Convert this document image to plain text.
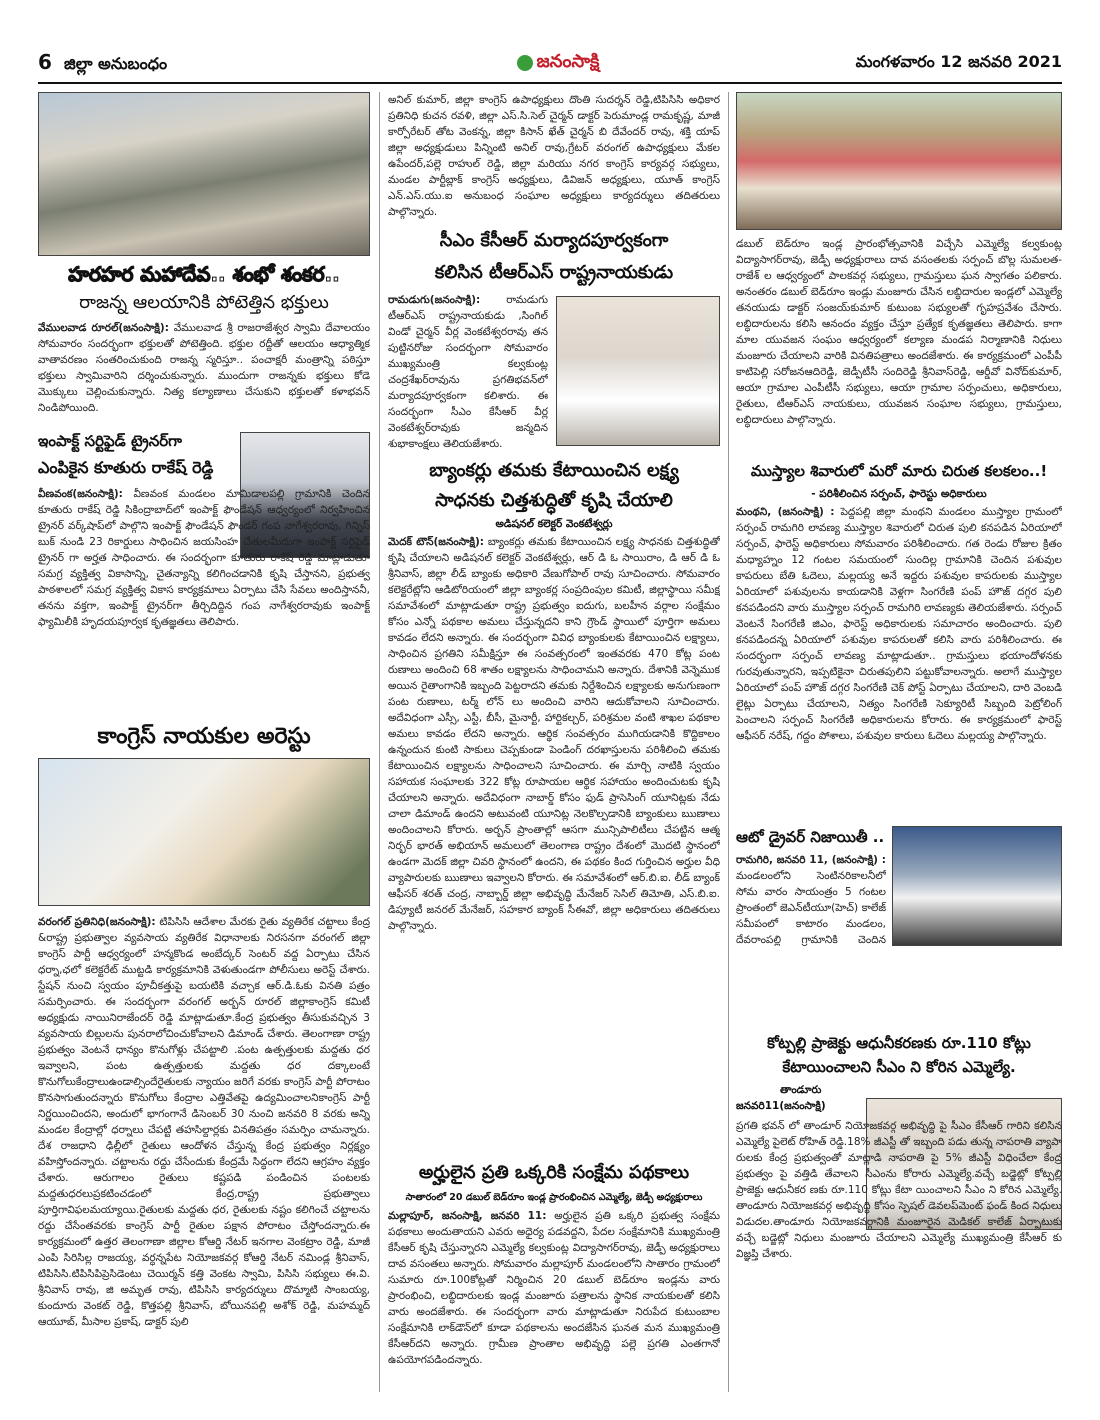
6 జిల్లా అనుబంధం	జనంసాక్షి	మంగళవారం 12 జనవరి 2021
హరహర మహాదేవ.. శంభో శంకర..
రాజన్న ఆలయానికి పోటెత్తిన భక్తులు
వేములవాడ రూరల్(జనంసాక్షి): వేములవాడ శ్రీ రాజరాజేశ్వర స్వామి దేవాలయం సోమవారం సందర్భంగా భక్తులతో పోటెత్తింది. భక్తుల రద్దీతో ఆలయం ఆధ్యాత్మిక వాతావరణం సంతరించుకుంది రాజన్న స్మరిస్తూ.. పంచాక్షరీ మంత్రాన్ని పఠిస్తూ భక్తులు స్వామివారిని దర్శించుకున్నారు. ముందుగా రాజన్నకు భక్తులు కోడె మొక్కులు చెల్లించుకున్నారు. నిత్య కల్యాణాలు చేసుకుని భక్తులతో కళాభవన్ నిండిపోయింది.
ఇంపాక్ట్ సర్టిఫైడ్ ట్రైనర్‌గా
ఎంపికైన కూతురు రాకేష్ రెడ్డి
వీణవంక(జనంసాక్షి): వీణవంక మండలం మామిడాలపల్లి గ్రామానికి చెందిన కూతురు రాకేష్ రెడ్డి సికింద్రాబాద్‌లో ఇంపాక్ట్ ఫౌండేషన్ ఆధ్వర్యంలో నిర్వహించిన ట్రైనర్ వర్క్‌షాప్‌లో పాల్గొని ఇంపాక్ట్ ఫౌండేషన్ ఫౌండర్ గంప నాగేశ్వరరావు, గిన్నిస్ బుక్ నుండి 23 రికార్డులు సాధించిన జయసింహ చేతులమీదుగా ఇంపాక్ట్ సర్టిఫైడ్ ట్రైనర్ గా అర్హత సాధించారు. ఈ సందర్భంగా కూతురు రాకేష్ రెడ్డి మాట్లాడుతూ సమగ్ర వ్యక్తిత్వ వికాసాన్ని, చైతన్యాన్ని కలిగించడానికి కృషి చేస్తానని, ప్రభుత్వ పాఠశాలలో సమగ్ర వ్యక్తిత్వ వికాస కార్యక్రమాలు ఏర్పాటు చేసి సేవలు అందిస్తాననీ, తనను వక్తగా, ఇంపాక్ట్ ట్రైనర్‌గా తీర్చిదిద్దిన గంప నాగేశ్వరరావుకు ఇంపాక్ట్ ఫ్యామిలీకి హృదయపూర్వక కృతజ్ఞతలు తెలిపారు.
కాంగ్రెస్ నాయకుల అరెస్టు
వరంగల్ ప్రతినిధి(జనంసాక్షి): టిపిసిసి ఆదేశాల మేరకు రైతు వ్యతిరేక చట్టాలు కేంద్ర &రాష్ట్ర ప్రభుత్వాల వ్యవసాయ వ్యతిరేక విధానాలకు నిరసనగా వరంగల్ జిల్లా కాంగ్రెస్ పార్టీ ఆధ్వర్యంలో హన్మకొండ అంబేద్కర్ సెంటర్ వద్ద ఏర్పాటు చేసిన ధర్నా,ఛలో కలెక్టరేట్ ముట్టడి కార్యక్రమానికి వెళుతుండగా పోలీసులు అరెస్ట్ చేశారు. స్టేషన్ నుంచి స్వయం పూచీకత్తుపై బయటికి వచ్చాక ఆర్.డి.ఓకు వినతి పత్రం సమర్పించారు. ఈ సందర్భంగా వరంగల్ అర్బన్ రూరల్ జిల్లాకాంగ్రెస్ కమిటీ అధ్యక్షుడు నాయినిరాజేందర్ రెడ్డి మాట్లాడుతూ.కేంద్ర ప్రభుత్వం తీసుకువచ్చిన 3 వ్యవసాయ బిల్లులను పునరాలోచించుకోవాలని డిమాండ్ చేశారు. తెలంగాణా రాష్ట్ర ప్రభుత్వం వెంటనే ధాన్యం కొనుగోళ్లు చేపట్టాలి .పంట ఉత్పత్తులకు మద్దతు ధర ఇవ్వాలని, పంట ఉత్పత్తులకు మద్దతు ధర దక్కాలంటే కొనుగోలుకేంద్రాలుఉండాల్సిందేరైతులకు న్యాయం జరిగే వరకు కాంగ్రెస్ పార్టీ పోరాటం కొనసాగుతుందన్నారు కొనుగోలు కేంద్రాల ఎత్తివేతపై ఉద్యమించాలనికాంగ్రెస్ పార్టీ నిర్ణయించిందని, అందులో భాగంగానే డిసెంబర్ 30 నుంచి జనవరి 8 వరకు అన్ని మండల కేంద్రాల్లో ధర్నాలు చేపట్టి తహసిల్దార్లకు వినతిపత్రం సమర్పిం చామన్నారు. దేశ రాజధాని ఢిల్లీలో రైతులు ఆందోళన చేస్తున్న కేంద్ర ప్రభుత్వం నిర్లక్ష్యం వహిస్తోందన్నారు. చట్టాలను రద్దు చేసేందుకు కేంద్రమే సిద్ధంగా లేదని ఆగ్రహం వ్యక్తం చేశారు. ఆరుగాలం రైతులు కష్టపడి పండించిన పంటలకు మద్దతుధరలుప్రకటించడంలో కేంద్ర,రాష్ట్ర ప్రభుత్వాలు పూర్తిగావిఫలమయ్యాయి.రైతులకు మద్దతు ధర, రైతులకు నష్టం కలిగించే చట్టాలను రద్దు చేసేంతవరకు కాంగ్రెస్ పార్టీ రైతుల పక్షాన పోరాటం చేస్తోందన్నారు.ఈ కార్యక్రమంలో ఉత్తర తెలంగాణా జిల్లాల కోఆర్డి నేటర్ ఇనగాల వెంకట్రాం రెడ్డి, మాజీ ఎంపి సిరిసిల్ల రాజయ్య, వర్ధన్నపేట నియోజకవర్గ కోఆర్డి నేటర్ నమిండ్ల శ్రీనివాస్, టిపిసిసి.టిపిసిపిప్రెసిడెంటు చెయిర్మన్ కత్తి వెంకట స్వామి, పిసిసి సభ్యులు ఈ.వి. శ్రీనివాస్ రావు, జి అమృత రావు, టిపిసిసి కార్యదర్శులు దొమ్మాటి సాంబయ్య, కుందూరు వెంకట్ రెడ్డి, కొత్తపల్లి శ్రీనివాస్, బోయినపల్లి అశోక్ రెడ్డి, మహమ్మద్ ఆయూబ్, మీసాల ప్రకాష్, డాక్టర్ పులి
అనిల్ కుమార్, జిల్లా కాంగ్రెస్ ఉపాధ్యక్షులు దొంతి సుదర్శన్ రెడ్డి,టిపిసిసి అధికార ప్రతినిధి కుచన రవళి, జిల్లా ఎస్.సి.సెల్ చైర్మన్ డాక్టర్ పెరుమాండ్ల రామకృష్ణ, మాజీ కార్పోరేటర్ తోట వెంకన్న, జిల్లా కిసాన్ ఖేత్ చైర్మన్ బి దేవేందర్ రావు, శక్తి యాప్ జిల్లా అధ్యక్షుడులు పిన్నింటి అనిల్ రావు,గ్రేటర్ వరంగల్ ఉపాధ్యక్షులు మేకల ఉపేందర్,పల్లె రాహుల్ రెడ్డి, జిల్లా మరియు నగర కాంగ్రెస్ కార్యవర్గ సభ్యులు, మండల పార్టీబ్లాక్ కాంగ్రెస్ అధ్యక్షులు, డివిజన్ అధ్యక్షులు, యూత్ కాంగ్రెస్ ఎన్.ఎస్.యు.ఐ అనుబంధ సంఘాల అధ్యక్షులు కార్యదర్శులు తదితరులు పాల్గొన్నారు.
సీఎం కేసీఆర్ మర్యాదపూర్వకంగా
కలిసిన టీఆర్ఎస్ రాష్ట్రనాయకుడు
రామడుగు(జనంసాక్షి): రామడుగు టీఆర్ఎస్ రాష్ట్రనాయకుడు ,సింగిల్ విండో చైర్మన్ వీర్ల వెంకటేశ్వరరావు తన పుట్టినరోజు సందర్భంగా సోమవారం ముఖ్యమంత్రి కల్వకుంట్ల చంద్రశేఖర్‌రావును ప్రగతిభవన్‌లో మర్యాదపూర్వకంగా కలిశారు. ఈ సందర్భంగా సీఎం కేసీఆర్ వీర్ల వెంకటేశ్వర్‌రావుకు జన్మదిన శుభాకాంక్షలు తెలియజేశారు.
బ్యాంకర్లు తమకు కేటాయించిన లక్ష్య
సాధనకు చిత్తశుద్ధితో కృషి చేయాలి
అడిషనల్ కలెక్టర్ వెంకటేశ్వర్లు
మెదక్ టౌన్(జనంసాక్షి): బ్యాంకర్లు తమకు కేటాయించిన లక్ష్య సాధనకు చిత్తశుద్ధితో కృషి చేయాలని అడిషనల్ కలెక్టర్ వెంకటేశ్వర్లు, ఆర్ డి ఓ సాయిరాం, డి ఆర్ డి ఓ శ్రీనివాస్, జిల్లా లీడ్ బ్యాంకు అధికారి వేణుగోపాల్ రావు సూచించారు. సోమవారం కలెక్టరేట్లోని ఆడిటోరియంలో జిల్లా బ్యాంకర్ల సంప్రదింపుల కమిటీ, జిల్లాస్థాయి సమీక్ష సమావేశంలో మాట్లాడుతూ రాష్ట్ర ప్రభుత్వం ఐదుగు, బలహీన వర్గాల సంక్షేమం కోసం ఎన్నో పథకాల అమలు చేస్తున్నదని కాని గ్రౌండ్ స్థాయిలో పూర్తిగా అమలు కావడం లేదని అన్నారు. ఈ సందర్భంగా వివిధ బ్యాంకులకు కేటాయించిన లక్ష్యాలు, సాధించిన ప్రగతిని సమీక్షిస్తూ ఈ సంవత్సరంలో ఇంతవరకు 470 కోట్ల పంట రుణాలు అందించి 68 శాతం లక్ష్యాలను సాధించామని అన్నారు. దేశానికి వెన్నెముక అయిన రైతాంగానికి ఇబ్బంది పెట్టరాదని తమకు నిర్దేశించిన లక్ష్యాలకు అనుగుణంగా పంట రుణాలు, టర్మ్ లోన్ లు అందించి వారిని ఆదుకోవాలని సూచించారు. అదేవిధంగా ఎస్సీ, ఎస్టీ, బీసీ, మైనార్టీ, హార్టికల్చర్, పరిశ్రమల వంటి శాఖల పథకాల అమలు కావడం లేదని అన్నారు. ఆర్థిక సంవత్సరం ముగియడానికి కొద్దికాలం ఉన్నందున కుంటి సాకులు చెప్పకుండా పెండింగ్ దరఖాస్తులను పరిశీలించి తమకు కేటాయించిన లక్ష్యాలను సాధించాలని సూచించారు. ఈ మార్చి నాటికి స్వయం సహాయక సంఘాలకు 322 కోట్ల రూపాయల ఆర్థిక సహాయం అందించుటకు కృషి చేయాలని అన్నారు. అదేవిధంగా నాబార్డ్ కోసం ఫుడ్ ప్రాసెసింగ్ యూనిట్లకు నేడు చాలా డిమాండ్ ఉందని అటువంటి యూనిట్ల నెలకొల్పడానికి బ్యాంకులు ఋణాలు అందించాలని కోరారు. అర్బన్ ప్రాంతాల్లో ఆసగా మున్సిపాలిటీలు చేపట్టిన ఆత్మ నిర్భర్ భారత్ అభియాన్ అమలులో తెలంగాణ రాష్ట్రం దేశంలో మొదటి స్థానంలో ఉండగా మెదక్ జిల్లా చివరి స్థానంలో ఉందని, ఈ పథకం కింద గుర్తించిన అర్హుల వీధి వ్యాపారులకు ఋణాలు ఇవ్వాలని కోరారు. ఈ సమావేశంలో ఆర్.బి.ఐ. లీడ్ బ్యాంక్ ఆఫీసర్ శరత్ చంద్ర, నాబ్బార్డ్ జిల్లా అభివృద్ధి మేనేజర్ సెసిల్ తిమోతి, ఎస్.బి.ఐ. డిప్యూటీ జనరల్ మేనేజర్, సహకార బ్యాంక్ సీఈవో, జిల్లా అధికారులు తదితరులు పాల్గొన్నారు.
అర్హులైన ప్రతి ఒక్కరికి సంక్షేమ పథకాలు
సాతారంలో 20 డబుల్ బెడ్‌రూం ఇండ్ల ప్రారంభించిన ఎమ్మెల్యే, జెడ్పీ అధ్యక్షురాలు
మల్లాపూర్, జనంసాక్షి, జనవరి 11: అర్హులైన ప్రతి ఒక్కరి ప్రభుత్వ సంక్షేమ పథకాలు అందుతాయని ఎవరు అధైర్య పడవద్దని, పేదల సంక్షేమానికి ముఖ్యమంత్రి కేసీఆర్ కృషి చేస్తున్నారని ఎమ్మెల్యే కల్వకుంట్ల విద్యాసాగర్‌రావు, జెడ్పీ అధ్యక్షురాలు దావ వసంతలు అన్నారు. సోమవారం మల్లాపూర్ మండలంలోని సాతారం గ్రామంలో సుమారు రూ.100కోట్లతో నిర్మించిన 20 డబుల్ బెడ్‌రూం ఇండ్లను వారు ప్రారంభించి, లబ్ధిదారులకు ఇండ్ల మంజూరు పత్రాలను స్థానిక నాయకులతో కలిసి వారు అందజేశారు. ఈ సందర్భంగా వారు మాట్లాడుతూ నిరుపేద కుటుంబాల సంక్షేమానికి లాక్‌డౌన్‌లో కూడా పథకాలను అందజేసిన ఘనత మన ముఖ్యమంత్రి కేసీఆర్‌దని అన్నారు. గ్రామీణ ప్రాంతాల అభివృద్ధి పల్లె ప్రగతి ఎంతగానో ఉపయోగపడిందన్నారు.
డబుల్ బెడ్‌రూం ఇండ్ల ప్రారంభోత్సవానికి విచ్చేసి ఎమ్మెల్యే కల్వకుంట్ల విద్యాసాగర్‌రావు, జెడ్పీ అధ్యక్షురాలు దావ వసంతలకు సర్పంచ్ బొల్ల సుమలత-రాజేశ్ ల ఆధ్వర్యంలో పాలకవర్గ సభ్యులు, గ్రామస్తులు ఘన స్వాగతం పలికారు. అనంతరం డబుల్ బెడ్‌రూం ఇండ్లు మంజూరు చేసిన లబ్ధిదారుల ఇండ్లలో ఎమ్మెల్యే తనయుడు డాక్టర్ సంజయ్‌కుమార్ కుటుంబ సభ్యులతో గృహప్రవేశం చేసారు. లబ్ధిదారులను కలిసి ఆనందం వ్యక్తం చేస్తూ ప్రత్యేక కృతజ్ఞతలు తెలిపారు. కాగా మాల యువజన సంఘం ఆధ్వర్యంలో కల్యాణ మండప నిర్మాణానికి నిధులు మంజూరు చేయాలని వారికి వినతిపత్రాలు అందజేశారు. ఈ కార్యక్రమంలో ఎంపీపీ కాటిపెల్లి సరోజనఆదిరెడ్డి, జెడ్పీటీసీ సందిరెడ్డి శ్రీనివాస్‌రెడ్డి, ఆర్డీవో వినోద్‌కుమార్, ఆయా గ్రామాల ఎంపీటీసీ సభ్యులు, ఆయా గ్రామాల సర్పంచులు, అధికారులు, రైతులు, టీఆర్ఎస్ నాయకులు, యువజన సంఘాల సభ్యులు, గ్రామస్తులు, లబ్ధిదారులు పాల్గొన్నారు.
ముస్త్యాల శివారులో మరో మారు చిరుత కలకలం..!
- పరిశీలించిన సర్పంచ్, ఫారెస్టు అధికారులు
మంథని, (జనంసాక్షి) : పెద్దపల్లి జిల్లా మంథని మండలం ముస్త్యాల గ్రామంలో సర్పంచ్ రామగిరి లావణ్య ముస్త్యాల శివారులో చిరుత పులి కనపడిన ఏరియాలో సర్పంచ్, ఫారెస్ట్ అధికారులు సోమవారం పరిశీలించారు. గత రెండు రోజుల క్రితం మధ్యాహ్నం 12 గంటల సమయంలో సుందిల్ల గ్రామానికి చెందిన పశువుల కాపరులు బేతి ఓదెలు, మల్లయ్య అనే ఇద్దరు పశువుల కాపరులకు ముస్త్యాల ఏరియాలో పశువులను కాయడానికి వెళ్లగా సింగరేణి పంప్ హౌజ్ దగ్గర పులి కనపడిందని వారు ముస్త్యాల సర్పంచ్ రామగిరి లావణ్యకు తెలియజేశారు. సర్పంచ్ వెంటనే సింగరేణి జిఎం, ఫారెస్ట్ అధికారులకు సమాచారం అందించారు. పులి కనపడిందన్న ఏరియాలో పశువుల కాపరులతో కలిసి వారు పరిశీలించారు. ఈ సందర్భంగా సర్పంచ్ లావణ్య మాట్లాడుతూ.. గ్రామస్తులు భయాందోళనకు గురవుతున్నారని, ఇప్పటికైనా చిరుతపులిని పట్టుకోవాలన్నారు. అలాగే ముస్త్యాల ఏరియాలో పంప్ హౌజ్ దగ్గర సింగరేణి చెక్ పోస్ట్ ఏర్పాటు చేయాలని, దారి వెంబడి లైట్లు ఏర్పాటు చేయాలని, నిత్యం సింగరేణి సెక్యూరిటీ సిబ్బంది పెట్రోలింగ్ పెంచాలని సర్పంచ్ సింగరేణి అధికారులను కోరారు. ఈ కార్యక్రమంలో ఫారెస్ట్ ఆఫీసర్ నరేష్, గద్దం పోశాలు, పశువుల కారులు ఓదెలు మల్లయ్య పాల్గొన్నారు.
ఆటో డ్రైవర్ నిజాయితీ ..
రామగిరి, జనవరి 11, (జనంసాక్షి) : మండలంలోని సెంటినరికాలనీలో సోమ వారం సాయంత్రం 5 గంటల ప్రాంతంలో జెఎన్‌టీయూ(హెచ్) కాలేజ్ సమీపంలో కాటారం మండలం, దేవరాంపల్లి గ్రామానికి చెందిన
కోట్పల్లి ప్రాజెక్టు ఆధునీకరణకు రూ.110 కోట్లు
కేటాయించాలని సీఎం ని కోరిన ఎమ్మెల్యే.
తాండూరు
జనవరి11(జనంసాక్షి)
ప్రగతి భవన్ లో తాండూర్ నియోజకవర్గ అభివృద్ధి పై సీఎం కేసీఆర్ గారిని కలిసిన ఎమ్మెల్యే పైలెట్ రోహిత్ రెడ్డి.18% జీఎస్టీ తో ఇబ్బంది పడు తున్న నాపరాతి వ్యాపా రులకు కేంద్ర ప్రభుత్వంతో మాట్లాడి నాపరాతి పై 5% జీఎస్టీ విధించేలా కేంద్ర ప్రభుత్వం పై వత్తిడి తేవాలని సీఎంను కోరారు ఎమ్మెల్యే.వచ్చే బడ్జెట్లో కోట్పల్లి ప్రాజెక్టు ఆధునీకర ణకు రూ.110 కోట్లు కేటా యించాలని సీఎం ని కోరిన ఎమ్మెల్యే. తాండూరు నియోజకవర్గ అభివృద్ధి కోసం స్పెషల్ డెవలప్‌మెంట్ ఫండ్ కింద నిధులు విడుదల.తాండూరు నియోజకవర్గానికి మంజూరైన మెడికల్ కాలేజ్ ఏర్పాటుకు వచ్చే బడ్జెట్లో నిధులు మంజూరు చేయాలని ఎమ్మెల్యే ముఖ్యమంత్రి కేసీఆర్ కు విజ్ఞప్తి చేశారు.
